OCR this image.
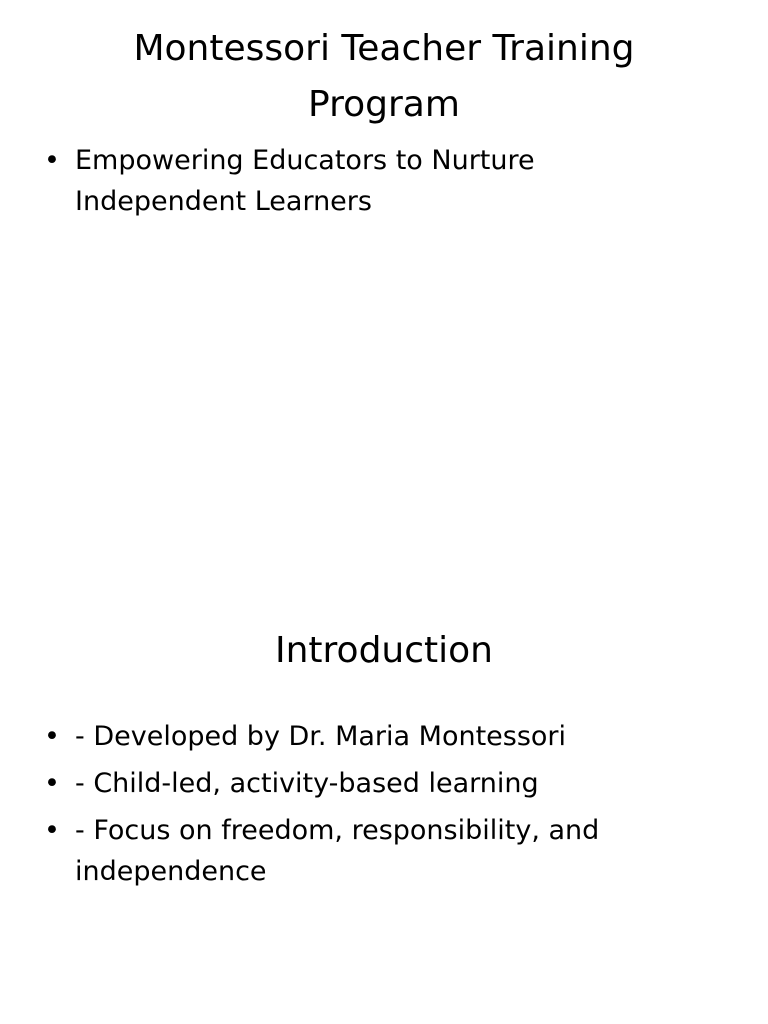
Montessori Teacher Training Program
• Empowering Educators to Nurture Independent Learners
Introduction
• - Developed by Dr. Maria Montessori
• - Child-led, activity-based learning
• - Focus on freedom, responsibility, and independence
